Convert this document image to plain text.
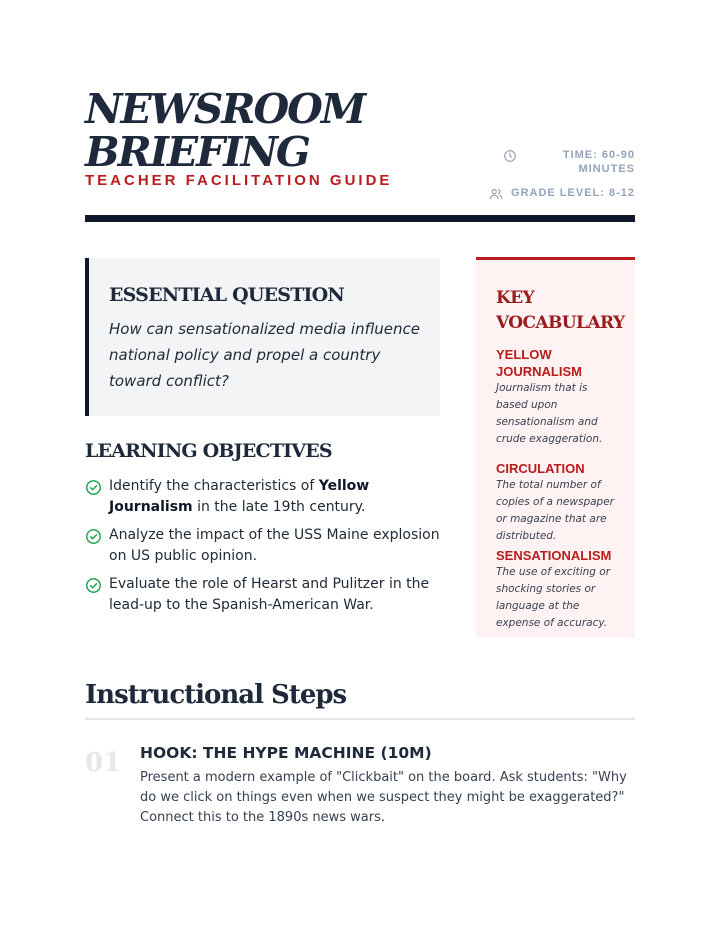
NEWSROOM
BRIEFING
TEACHER FACILITATION GUIDE
TIME: 60-90 MINUTES
GRADE LEVEL: 8-12
ESSENTIAL QUESTION
How can sensationalized media influence national policy and propel a country toward conflict?
LEARNING OBJECTIVES
Identify the characteristics of Yellow Journalism in the late 19th century.
Analyze the impact of the USS Maine explosion on US public opinion.
Evaluate the role of Hearst and Pulitzer in the lead-up to the Spanish-American War.
KEY VOCABULARY
YELLOW JOURNALISM
Journalism that is based upon sensationalism and crude exaggeration.
CIRCULATION
The total number of copies of a newspaper or magazine that are distributed.
SENSATIONALISM
The use of exciting or shocking stories or language at the expense of accuracy.
Instructional Steps
01 HOOK: THE HYPE MACHINE (10M)
Present a modern example of "Clickbait" on the board. Ask students: "Why do we click on things even when we suspect they might be exaggerated?" Connect this to the 1890s news wars.
